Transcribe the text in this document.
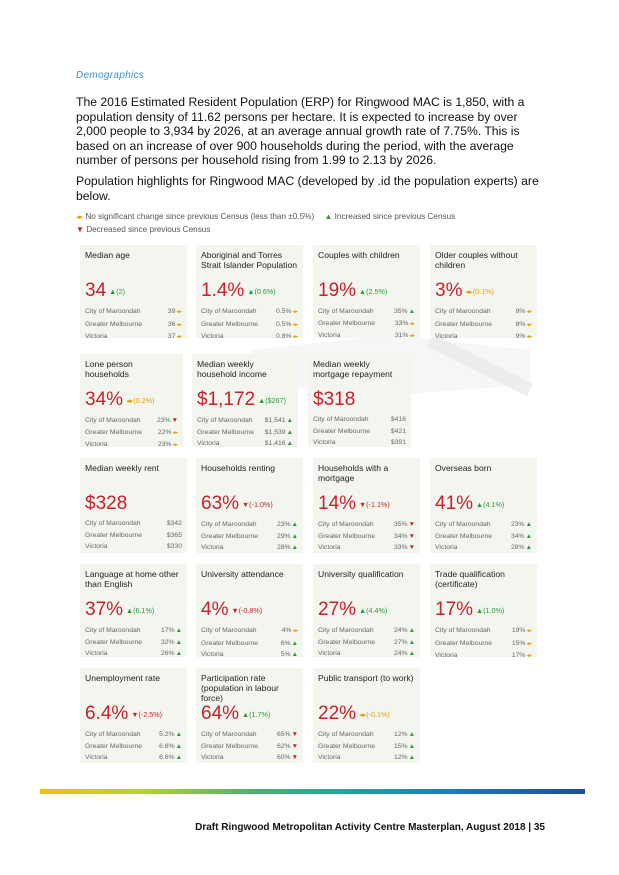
Demographics
The 2016 Estimated Resident Population (ERP) for Ringwood MAC is 1,850, with a population density of 11.62 persons per hectare. It is expected to increase by over 2,000 people to 3,934 by 2026, at an average annual growth rate of 7.75%. This is based on an increase of over 900 households during the period, with the average number of persons per household rising from 1.99 to 2.13 by 2026.
Population highlights for Ringwood MAC (developed by .id the population experts) are below.
◂▸ No significant change since previous Census (less than ±0.5%) ▲ Increased since previous Census
▼ Decreased since previous Census
Median age
34 ▲(2)
City of Maroondah	39◂▸
Greater Melbourne	36◂▸
Victoria	37◂▸
Aboriginal and Torres Strait Islander Population
1.4% ▲(0.6%)
City of Maroondah	0.5%◂▸
Greater Melbourne	0.5%◂▸
Victoria	0.8%◂▸
Couples with children
19% ▲(2.5%)
City of Maroondah	35%▲
Greater Melbourne	33%◂▸
Victoria	31%◂▸
Older couples without children
3% ◂▸(0.1%)
City of Maroondah	9%◂▸
Greater Melbourne	8%◂▸
Victoria	9%◂▸
Lone person households
34% ◂▸(0.2%)
City of Maroondah 23%▼
Greater Melbourne 22%◂▸
Victoria	23%◂▸
Median weekly household income
$1,172 ▲($267)
City of Maroondah $1,541▲
Greater Melbourne $1,539▲
Victoria	$1,416▲
Median weekly mortgage repayment
$318
City of Maroondah	$416
Greater Melbourne	$421
Victoria	$391
Median weekly rent
$328
City of Maroondah	$342
Greater Melbourne	$365
Victoria	$330
Households renting
63% ▼(-1.0%)
City of Maroondah	23%▲
Greater Melbourne	29%▲
Victoria	28%▲
Households with a mortgage
14% ▼(-1.1%)
City of Maroondah	35%▼
Greater Melbourne	34%▼
Victoria	33%▼
Overseas born
41% ▲(4.1%)
City of Maroondah	23%▲
Greater Melbourne	34%▲
Victoria	28%▲
Language at home other than English
37% ▲(6.1%)
City of Maroondah	17%▲
Greater Melbourne	32%▲
Victoria	26%▲
University attendance
4% ▼(-0.8%)
City of Maroondah	4%◂▸
Greater Melbourne	6%▲
Victoria	5%▲
University qualification
27% ▲(4.4%)
City of Maroondah	24%▲
Greater Melbourne	27%▲
Victoria	24%▲
Trade qualification (certificate)
17% ▲(1.0%)
City of Maroondah	19%◂▸
Greater Melbourne	15%◂▸
Victoria	17%◂▸
Unemployment rate
6.4% ▼(-2.5%)
City of Maroondah	5.2%▲
Greater Melbourne	6.8%▲
Victoria	6.6%▲
Participation rate (population in labour force)
64% ▲(1.7%)
City of Maroondah	65%▼
Greater Melbourne	62%▼
Victoria	60%▼
Public transport (to work)
22% ◂▸(-0.1%)
City of Maroondah	12%▲
Greater Melbourne	15%▲
Victoria	12%▲
Draft Ringwood Metropolitan Activity Centre Masterplan, August 2018 | 35
